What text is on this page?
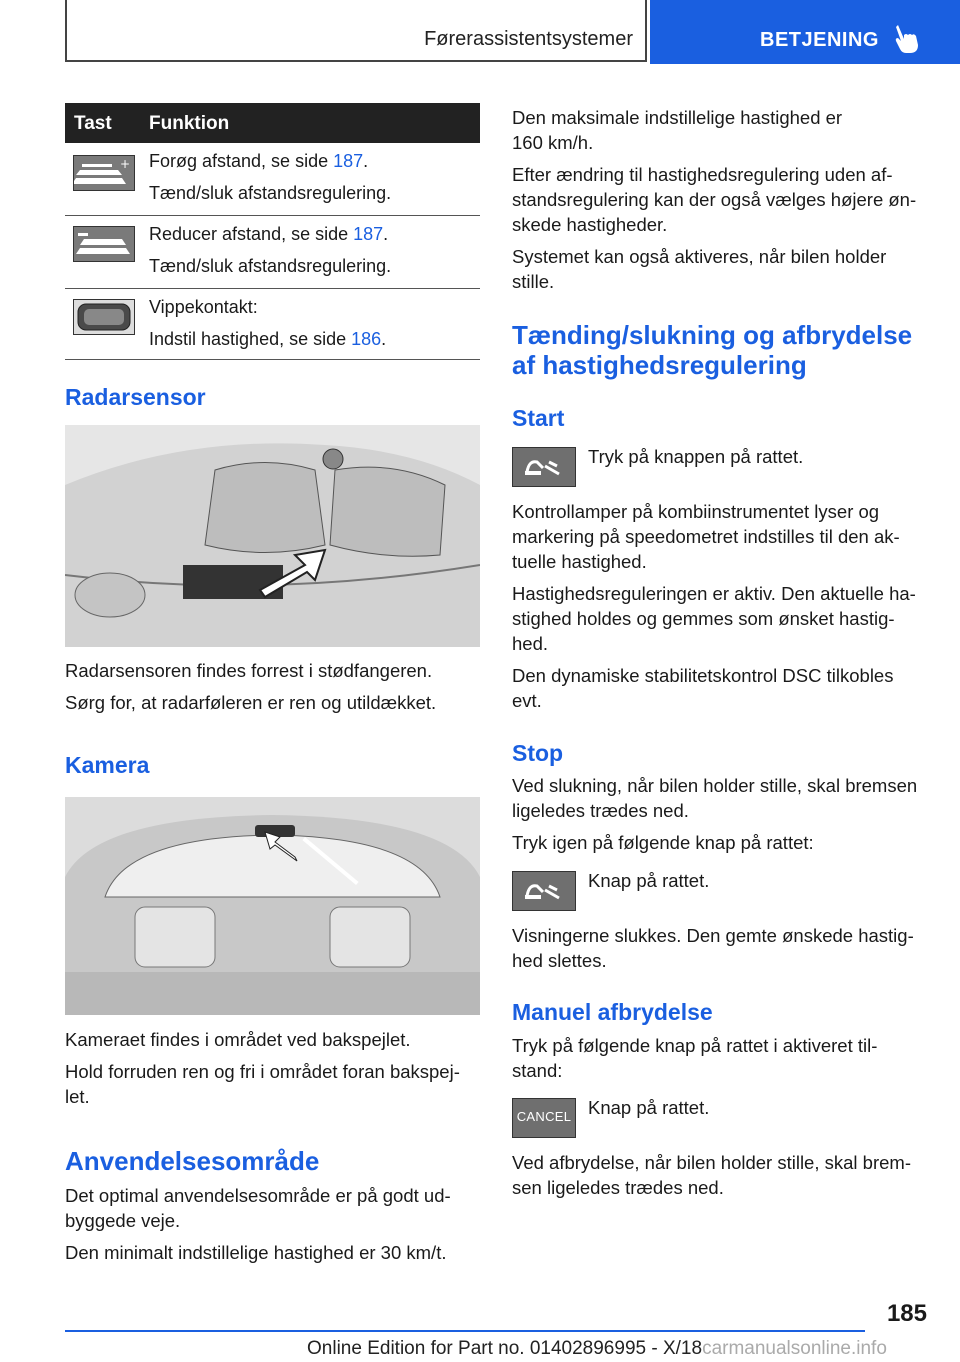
Førerassistentsystemer	BETJENING
Tast Funktion
+ Forøg afstand, se side 187.
Tænd/sluk afstandsregulering.
Reducer afstand, se side 187.
Tænd/sluk afstandsregulering.
Vippekontakt:
Indstil hastighed, se side 186.
Radarsensor
Radarsensoren findes forrest i stødfangeren.
Sørg for, at radarføleren er ren og utildækket.
Kamera
Kameraet findes i området ved bakspejlet.
Hold forruden ren og fri i området foran bakspej‐
let.
Anvendelsesområde
Det optimal anvendelsesområde er på godt ud‐
byggede veje.
Den minimalt indstillelige hastighed er 30 km/t.
Den maksimale indstillelige hastighed er
160 km/h.
Efter ændring til hastighedsregulering uden af‐
standsregulering kan der også vælges højere øn‐
skede hastigheder.
Systemet kan også aktiveres, når bilen holder
stille.
Tænding/slukning og afbrydelse
af hastighedsregulering
Start
Tryk på knappen på rattet.
Kontrollamper på kombiinstrumentet lyser og
markering på speedometret indstilles til den ak‐
tuelle hastighed.
Hastighedsreguleringen er aktiv. Den aktuelle ha‐
stighed holdes og gemmes som ønsket hastig‐
hed.
Den dynamiske stabilitetskontrol DSC tilkobles
evt.
Stop
Ved slukning, når bilen holder stille, skal bremsen
ligeledes trædes ned.
Tryk igen på følgende knap på rattet:
Knap på rattet.
Visningerne slukkes. Den gemte ønskede hastig‐
hed slettes.
Manuel afbrydelse
Tryk på følgende knap på rattet i aktiveret til‐
stand:
CANCEL Knap på rattet.
Ved afbrydelse, når bilen holder stille, skal brem‐
sen ligeledes trædes ned.
185
Online Edition for Part no. 01402896995 - X/18carmanualsonline.info
